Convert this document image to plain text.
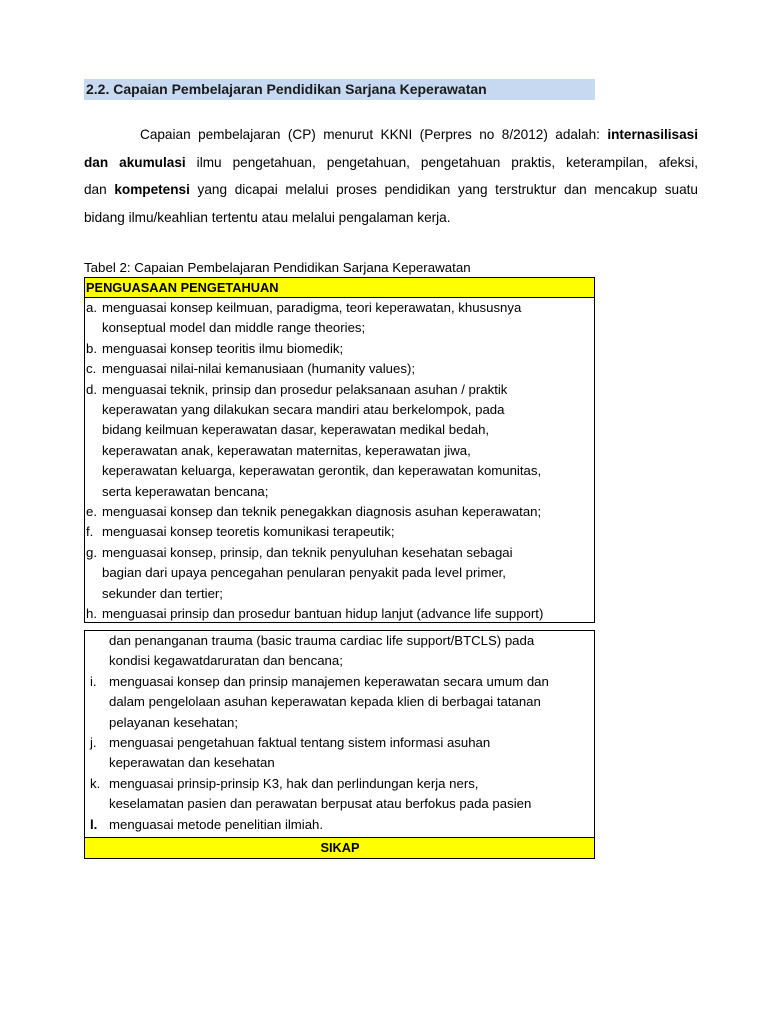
2.2. Capaian Pembelajaran Pendidikan Sarjana Keperawatan
Capaian pembelajaran (CP) menurut KKNI (Perpres no 8/2012) adalah: internasilisasi
dan akumulasi ilmu pengetahuan, pengetahuan, pengetahuan praktis, keterampilan, afeksi,
dan kompetensi yang dicapai melalui proses pendidikan yang terstruktur dan mencakup suatu
bidang ilmu/keahlian tertentu atau melalui pengalaman kerja.
Tabel 2: Capaian Pembelajaran Pendidikan Sarjana Keperawatan
PENGUASAAN PENGETAHUAN
a. menguasai konsep keilmuan, paradigma, teori keperawatan, khususnya
konseptual model dan middle range theories;
b. menguasai konsep teoritis ilmu biomedik;
c. menguasai nilai-nilai kemanusiaan (humanity values);
d. menguasai teknik, prinsip dan prosedur pelaksanaan asuhan / praktik
keperawatan yang dilakukan secara mandiri atau berkelompok, pada
bidang keilmuan keperawatan dasar, keperawatan medikal bedah,
keperawatan anak, keperawatan maternitas, keperawatan jiwa,
keperawatan keluarga, keperawatan gerontik, dan keperawatan komunitas,
serta keperawatan bencana;
e. menguasai konsep dan teknik penegakkan diagnosis asuhan keperawatan;
f. menguasai konsep teoretis komunikasi terapeutik;
g. menguasai konsep, prinsip, dan teknik penyuluhan kesehatan sebagai
bagian dari upaya pencegahan penularan penyakit pada level primer,
sekunder dan tertier;
h. menguasai prinsip dan prosedur bantuan hidup lanjut (advance life support)
dan penanganan trauma (basic trauma cardiac life support/BTCLS) pada
kondisi kegawatdaruratan dan bencana;
i. menguasai konsep dan prinsip manajemen keperawatan secara umum dan
dalam pengelolaan asuhan keperawatan kepada klien di berbagai tatanan
pelayanan kesehatan;
j. menguasai pengetahuan faktual tentang sistem informasi asuhan
keperawatan dan kesehatan
k. menguasai prinsip-prinsip K3, hak dan perlindungan kerja ners,
keselamatan pasien dan perawatan berpusat atau berfokus pada pasien
l. menguasai metode penelitian ilmiah.
SIKAP
